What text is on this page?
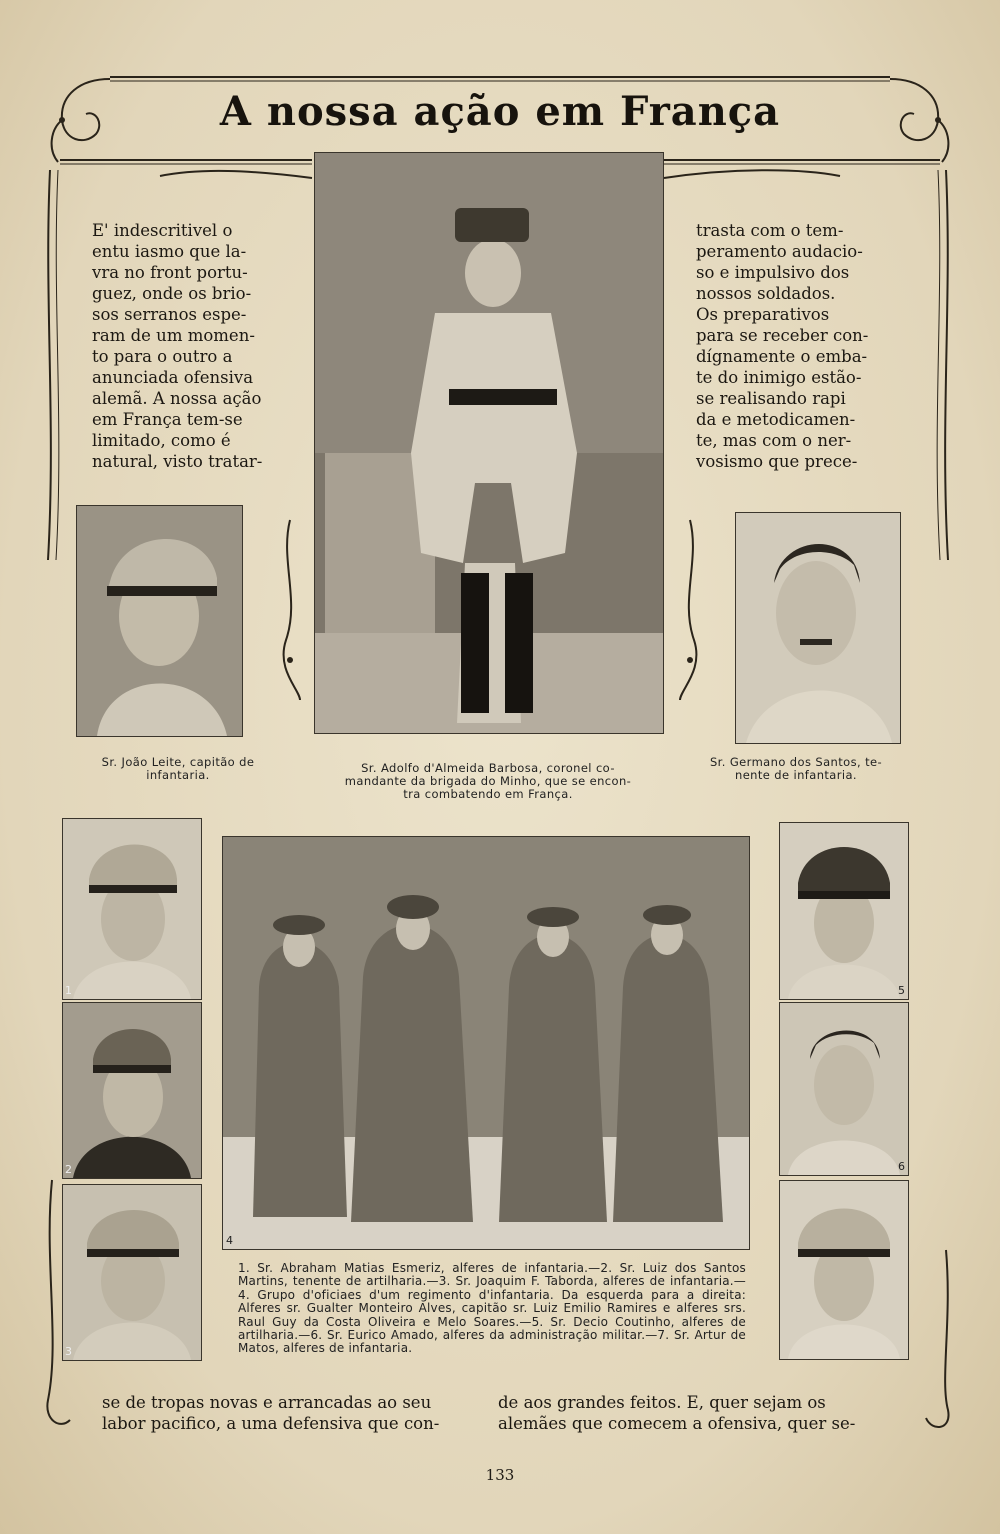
A nossa ação em França
E' indescritivel o
entu iasmo que la-
vra no front portu-
guez, onde os brio-
sos serranos espe-
ram de um momen-
to para o outro a
anunciada ofensiva
alemã. A nossa ação
em França tem-se
limitado, como é
natural, visto tratar-
trasta com o tem-
peramento audacio-
so e impulsivo dos
nossos soldados.
Os preparativos
para se receber con-
dígnamente o emba-
te do inimigo estão-
se realisando rapi
da e metodicamen-
te, mas com o ner-
vosismo que prece-
Sr. João Leite, capitão de
infantaria.	Sr. Adolfo d'Almeida Barbosa, coronel co-
mandante da brigada do Minho, que se encon-
tra combatendo em França.
Sr. Germano dos Santos, te-
nente de infantaria.
1
2
3
4
5
6
1. Sr. Abraham Matias Esmeriz, alferes de infantaria.—2. Sr. Luiz dos Santos Martins, tenente de artilharia.—3. Sr. Joaquim F. Taborda, alferes de infantaria.—4. Grupo d'oficiaes d'um regimento d'infantaria. Da esquerda para a direita: Alferes sr. Gualter Monteiro Alves, capitão sr. Luiz Emilio Ramires e alferes srs. Raul Guy da Costa Oliveira e Melo Soares.—5. Sr. Decio Coutinho, alferes de artilharia.—6. Sr. Eurico Amado, alferes da administração militar.—7. Sr. Artur de Matos, alferes de infantaria.
se de tropas novas e arrancadas ao seu
labor pacifico, a uma defensiva que con-
de aos grandes feitos. E, quer sejam os
alemães que comecem a ofensiva, quer se-
133
